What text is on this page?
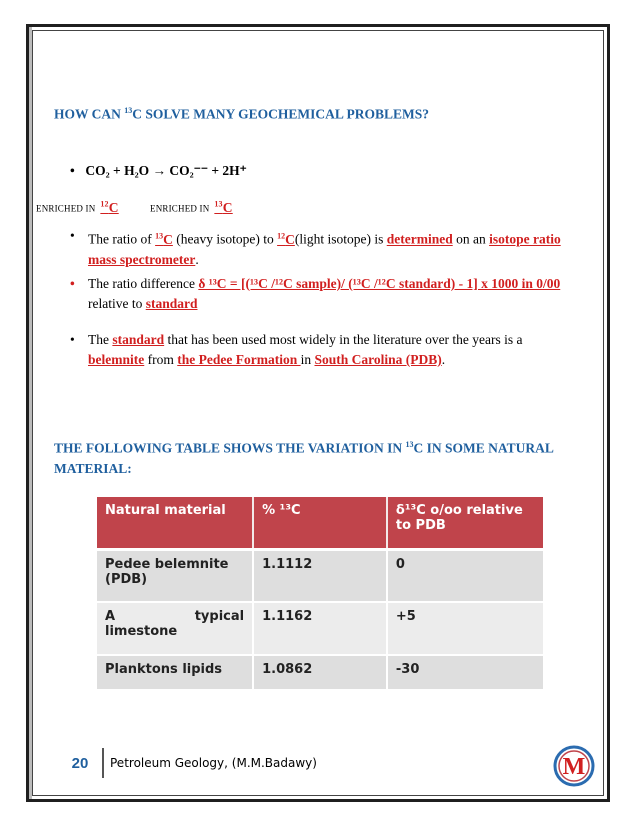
HOW CAN $^{13}$C SOLVE MANY GEOCHEMICAL PROBLEMS?
• CO₂ + H₂O → CO₂⁻⁻ + 2H⁺
ENRICHED IN $^{12}$C	ENRICHED IN $^{13}$C
• The ratio of $^{13}$C (heavy isotope) to $^{12}$C(light isotope) is determined on an isotope ratio mass spectrometer.
• The ratio difference δ ¹³C = [(¹³C /¹²C sample)/ (¹³C /¹²C standard) - 1] x 1000 in 0/00 relative to standard
• The standard that has been used most widely in the literature over the years is a belemnite from the Pedee Formation in South Carolina (PDB).
THE FOLLOWING TABLE SHOWS THE VARIATION IN $^{13}$C IN SOME NATURAL MATERIAL:
Natural material	% ¹³C	δ¹³C o/oo relative to PDB
Pedee belemnite (PDB)	1.1112	0
A typical limestone	1.1162	+5
Planktons lipids	1.0862	-30
20	Petroleum Geology, (M.M.Badawy)	M
